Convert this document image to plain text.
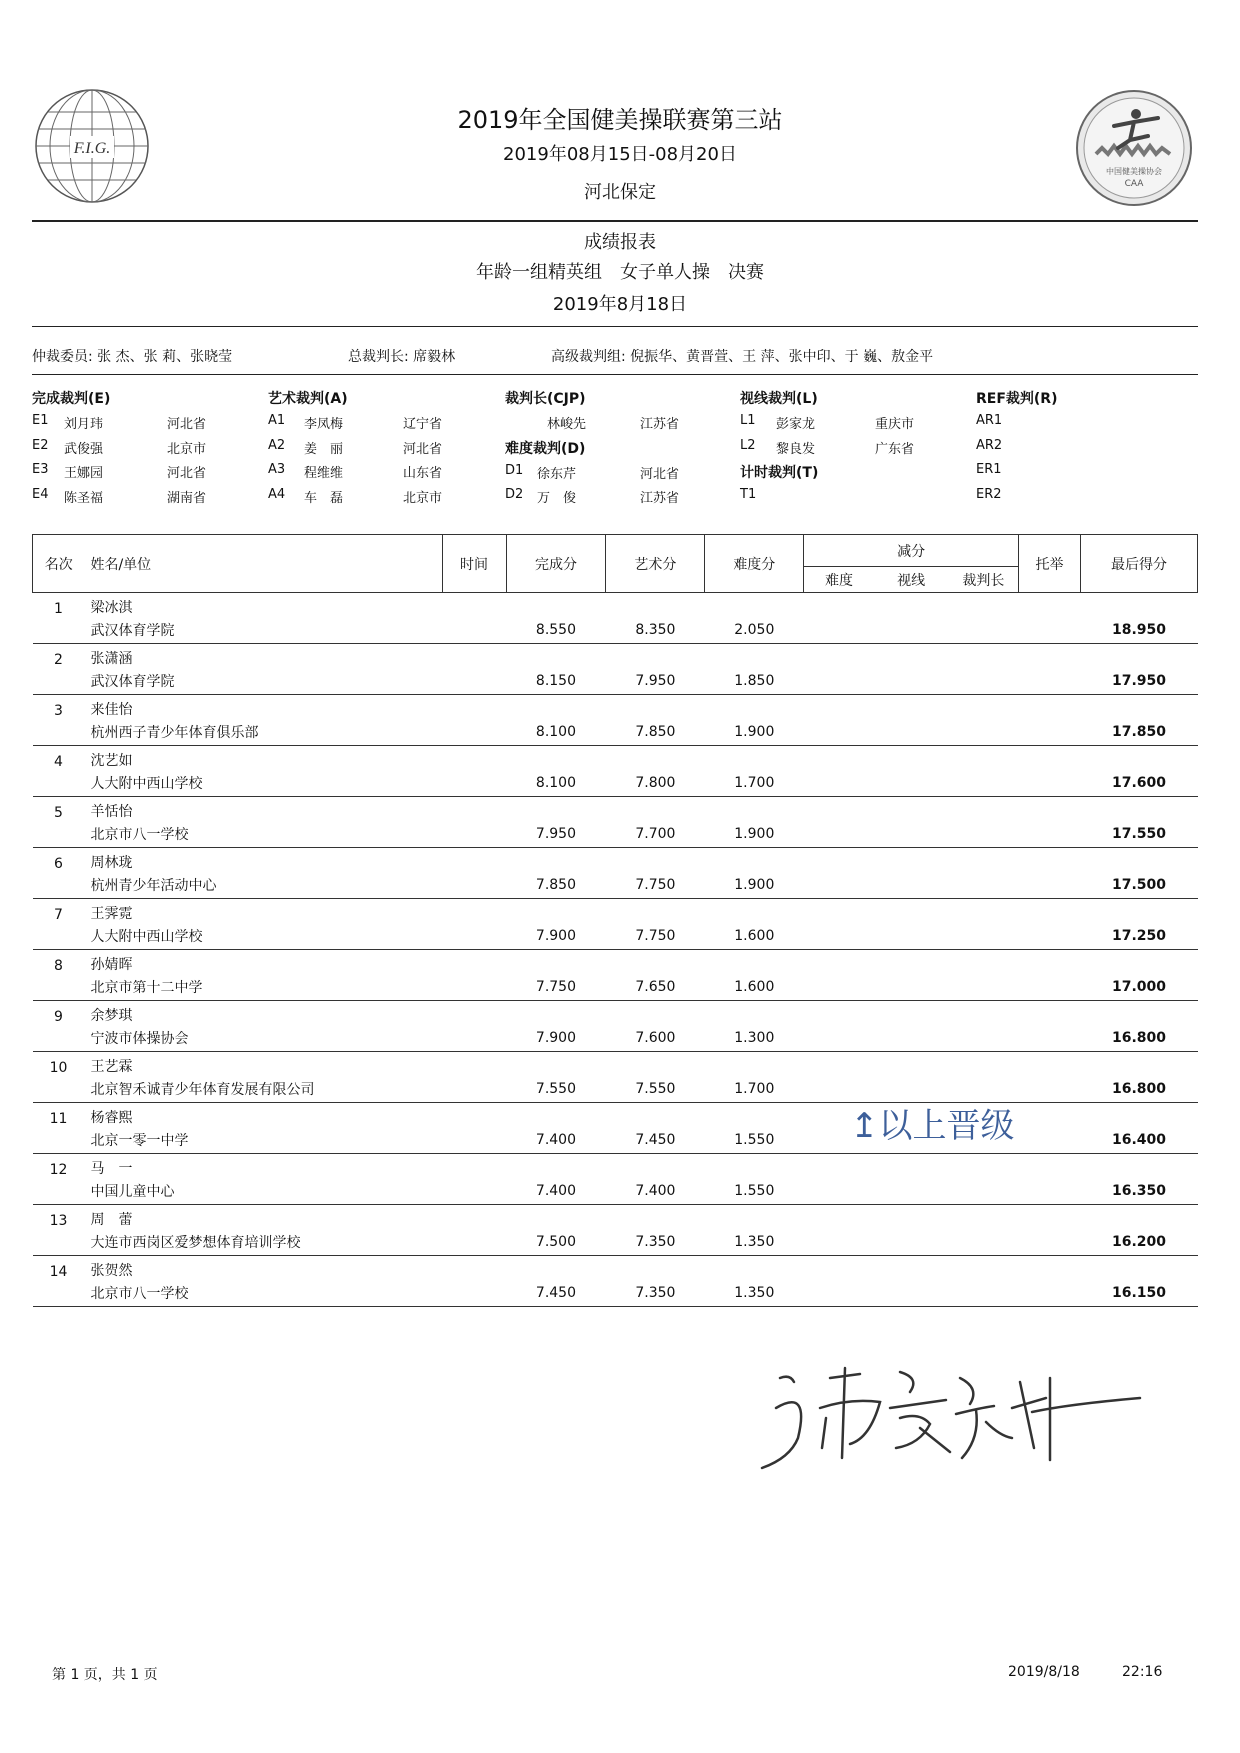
F.I.G.
中国健美操协会
CAA
2019年全国健美操联赛第三站
2019年08月15日-08月20日
河北保定
成绩报表
年龄一组精英组　女子单人操　决赛
2019年8月18日
仲裁委员: 张 杰、张 莉、张晓莹	总裁判长: 席毅林	高级裁判组: 倪振华、黄晋萱、王 萍、张中印、于 巍、敖金平
完成裁判(E)
E1 刘月玮	河北省
E2 武俊强	北京市
E3 王娜园	河北省
E4 陈圣福	湖南省
艺术裁判(A)
A1 李凤梅	辽宁省
A2 姜　丽	河北省
A3 程维维	山东省
A4 车　磊	北京市
裁判长(CJP)
林峻先	江苏省
难度裁判(D)
D1 徐东芹	河北省
D2 万　俊	江苏省
视线裁判(L)
L1 彭家龙	重庆市
L2 黎良发	广东省
计时裁判(T)
T1
REF裁判(R)
AR1
AR2
ER1
ER2
名次	姓名/单位	时间	完成分	艺术分	难度分	减分			托举	最后得分
						难度	视线	裁判长		
1	梁冰淇									
	武汉体育学院		8.550	8.350	2.050					18.950
2	张潇涵									
	武汉体育学院		8.150	7.950	1.850					17.950
3	来佳怡									
	杭州西子青少年体育俱乐部		8.100	7.850	1.900					17.850
4	沈艺如									
	人大附中西山学校		8.100	7.800	1.700					17.600
5	羊恬怡									
	北京市八一学校		7.950	7.700	1.900					17.550
6	周林珑									
	杭州青少年活动中心		7.850	7.750	1.900					17.500
7	王霁霓									
	人大附中西山学校		7.900	7.750	1.600					17.250
8	孙婧晖									
	北京市第十二中学		7.750	7.650	1.600					17.000
9	余梦琪									
	宁波市体操协会		7.900	7.600	1.300					16.800
10	王艺霖									
	北京智禾诚青少年体育发展有限公司		7.550	7.550	1.700					16.800
11	杨睿熙									
	北京一零一中学		7.400	7.450	1.550					16.400
12	马　一									
	中国儿童中心		7.400	7.400	1.550					16.350
13	周　蕾									
	大连市西岗区爱梦想体育培训学校		7.500	7.350	1.350					16.200
14	张贺然									
	北京市八一学校		7.450	7.350	1.350					16.150
↥以上晋级
第 1 页，共 1 页	2019/8/18	22:16
